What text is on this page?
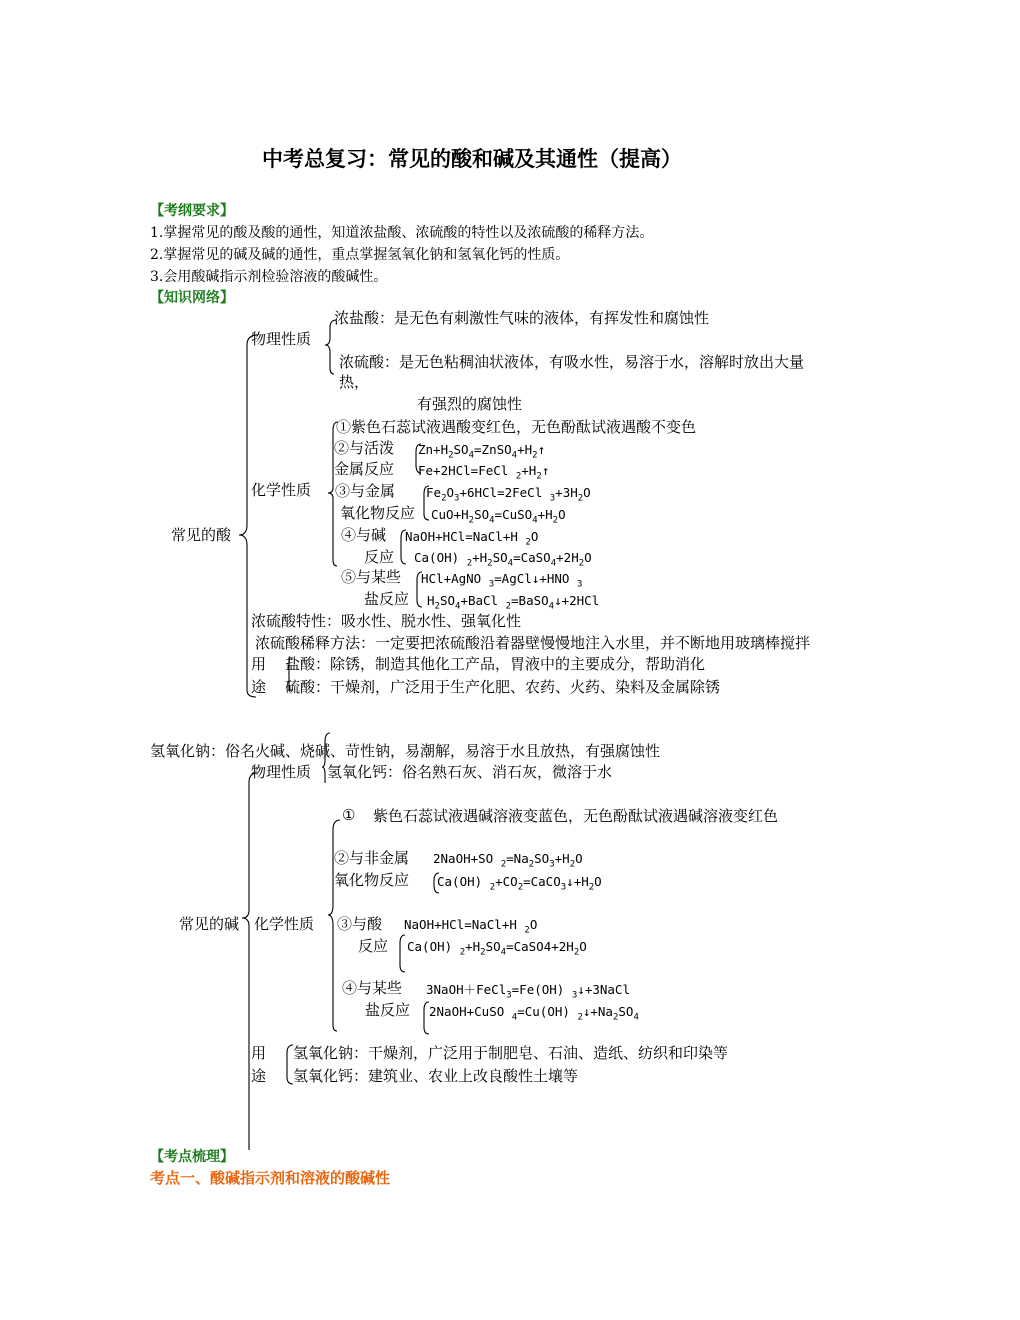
中考总复习：常见的酸和碱及其通性（提高）
【考纲要求】
1.掌握常见的酸及酸的通性，知道浓盐酸、浓硫酸的特性以及浓硫酸的稀释方法。
2.掌握常见的碱及碱的通性，重点掌握氢氧化钠和氢氧化钙的性质。
3.会用酸碱指示剂检验溶液的酸碱性。
【知识网络】
常见的酸
物理性质
浓盐酸：是无色有刺激性气味的液体，有挥发性和腐蚀性
浓硫酸：是无色粘稠油状液体，有吸水性，易溶于水，溶解时放出大量
热，
有强烈的腐蚀性
化学性质
①紫色石蕊试液遇酸变红色，无色酚酞试液遇酸不变色
②与活泼
金属反应
③与金属
氧化物反应
④与碱
反应
⑤与某些
盐反应
$Zn+H_2SO_4=ZnSO_4+H_2↑$
Fe+2HCl=FeCl $_2+H_2↑$
$Fe_2O_3+6HCl=2FeCl$ $_3+3H_2O$
$CuO+H_2SO_4=CuSO_4+H_2O$
NaOH+HCl=NaCl+H $_2$O
Ca(OH) $_2+H_2SO_4=CaSO_4+2H_2O$
HCl+AgNO $_3$=AgCl↓+HNO $_3$
$H_2SO_4+BaCl$ $_2$=BaSO$_4$↓+2HCl
浓硫酸特性：吸水性、脱水性、强氧化性
浓硫酸稀释方法：一定要把浓硫酸沿着器壁慢慢地注入水里，并不断地用玻璃棒搅拌
用
途
盐酸：除锈，制造其他化工产品，胃液中的主要成分，帮助消化
硫酸：干燥剂，广泛用于生产化肥、农药、火药、染料及金属除锈
氢氧化钠：俗名火碱、烧碱、苛性钠，易潮解，易溶于水且放热，有强腐蚀性
物理性质 氢氧化钙：俗名熟石灰、消石灰，微溶于水
常见的碱 化学性质
① 紫色石蕊试液遇碱溶液变蓝色，无色酚酞试液遇碱溶液变红色
②与非金属
氧化物反应
③与酸
反应
④与某些
盐反应
2NaOH+SO $_2=Na_2SO_3+H_2O$
Ca(OH) $_2+CO_2=CaCO_3↓+H_2O$
NaOH+HCl=NaCl+H $_2$O
Ca(OH) $_2+H_2SO_4=CaSO4+2H_2O$
3NaOH＋FeCl$_3$=Fe(OH) $_3$↓+3NaCl
2NaOH+CuSO $_4$=Cu(OH) $_2↓+Na_2SO_4$
用
途
氢氧化钠：干燥剂，广泛用于制肥皂、石油、造纸、纺织和印染等
氢氧化钙：建筑业、农业上改良酸性土壤等
【考点梳理】
考点一、酸碱指示剂和溶液的酸碱性
